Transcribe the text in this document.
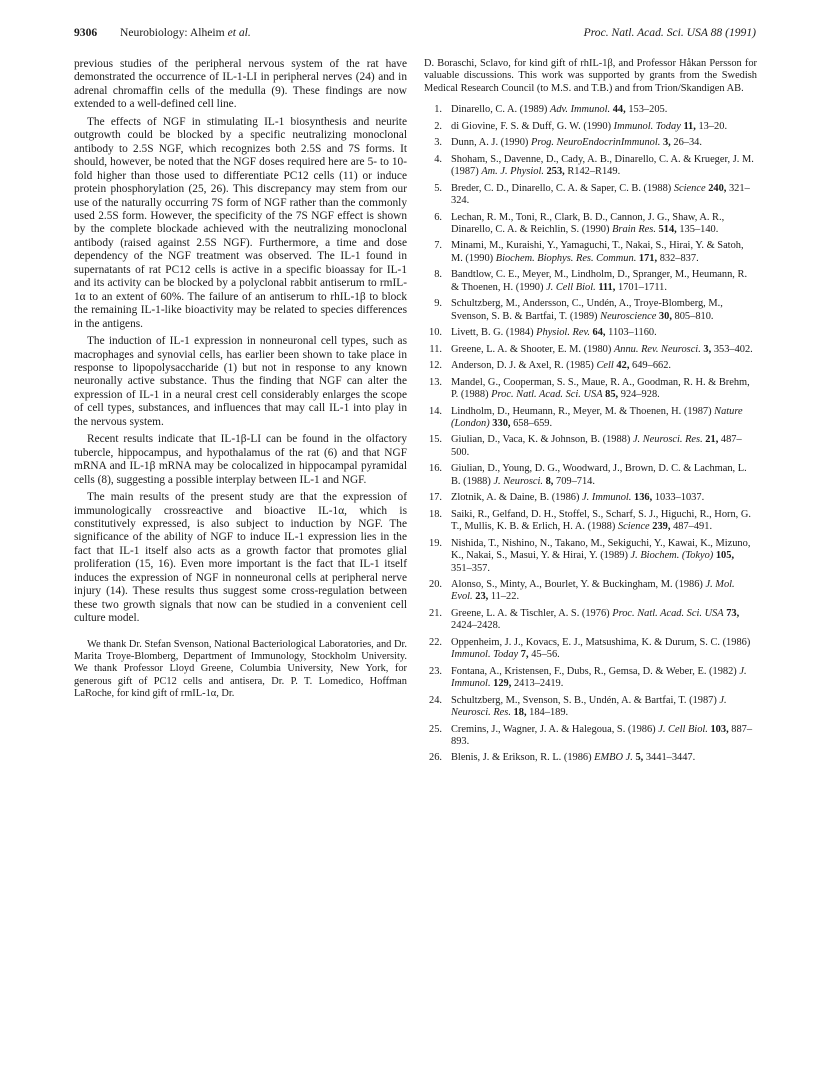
9306 Neurobiology: Alheim et al.	Proc. Natl. Acad. Sci. USA 88 (1991)

previous studies of the peripheral nervous system of the rat have demonstrated the occurrence of IL-1-LI in peripheral nerves (24) and in adrenal chromaffin cells of the medulla (9). These findings are now extended to a well-defined cell line.

The effects of NGF in stimulating IL-1 biosynthesis and neurite outgrowth could be blocked by a specific neutralizing monoclonal antibody to 2.5S NGF, which recognizes both 2.5S and 7S forms. It should, however, be noted that the NGF doses required here are 5- to 10-fold higher than those used to differentiate PC12 cells (11) or induce protein phosphorylation (25, 26). This discrepancy may stem from our use of the naturally occurring 7S form of NGF rather than the commonly used 2.5S form. However, the specificity of the 7S NGF effect is shown by the complete blockade achieved with the neutralizing monoclonal antibody (raised against 2.5S NGF). Furthermore, a time and dose dependency of the NGF treatment was observed. The IL-1 found in supernatants of rat PC12 cells is active in a specific bioassay for IL-1 and its activity can be blocked by a polyclonal rabbit antiserum to rmIL-1α to an extent of 60%. The failure of an antiserum to rhIL-1β to block the remaining IL-1-like bioactivity may be related to species differences in the antigens.

The induction of IL-1 expression in nonneuronal cell types, such as macrophages and synovial cells, has earlier been shown to take place in response to lipopolysaccharide (1) but not in response to any known neuronally active substance. Thus the finding that NGF can alter the expression of IL-1 in a neural crest cell considerably enlarges the scope of cell types, substances, and influences that may call IL-1 into play in the nervous system.

Recent results indicate that IL-1β-LI can be found in the olfactory tubercle, hippocampus, and hypothalamus of the rat (6) and that NGF mRNA and IL-1β mRNA may be colocalized in hippocampal pyramidal cells (8), suggesting a possible interplay between IL-1 and NGF.

The main results of the present study are that the expression of immunologically crossreactive and bioactive IL-1α, which is constitutively expressed, is also subject to induction by NGF. The significance of the ability of NGF to induce IL-1 expression lies in the fact that IL-1 itself also acts as a growth factor that promotes glial proliferation (15, 16). Even more important is the fact that IL-1 itself induces the expression of NGF in nonneuronal cells at peripheral nerve injury (14). These results thus suggest some cross-regulation between these two growth signals that now can be studied in a convenient cell culture model.

We thank Dr. Stefan Svenson, National Bacteriological Laboratories, and Dr. Marita Troye-Blomberg, Department of Immunology, Stockholm University. We thank Professor Lloyd Greene, Columbia University, New York, for generous gift of PC12 cells and antisera, Dr. P. T. Lomedico, Hoffman LaRoche, for kind gift of rmIL-1α, Dr.

D. Boraschi, Sclavo, for kind gift of rhIL-1β, and Professor Håkan Persson for valuable discussions. This work was supported by grants from the Swedish Medical Research Council (to M.S. and T.B.) and from Trion/Skandigen AB.

1. Dinarello, C. A. (1989) Adv. Immunol. 44, 153–205.
2. di Giovine, F. S. & Duff, G. W. (1990) Immunol. Today 11, 13–20.
3. Dunn, A. J. (1990) Prog. NeuroEndocrinImmunol. 3, 26–34.
4. Shoham, S., Davenne, D., Cady, A. B., Dinarello, C. A. & Krueger, J. M. (1987) Am. J. Physiol. 253, R142–R149.
5. Breder, C. D., Dinarello, C. A. & Saper, C. B. (1988) Science 240, 321–324.
6. Lechan, R. M., Toni, R., Clark, B. D., Cannon, J. G., Shaw, A. R., Dinarello, C. A. & Reichlin, S. (1990) Brain Res. 514, 135–140.
7. Minami, M., Kuraishi, Y., Yamaguchi, T., Nakai, S., Hirai, Y. & Satoh, M. (1990) Biochem. Biophys. Res. Commun. 171, 832–837.
8. Bandtlow, C. E., Meyer, M., Lindholm, D., Spranger, M., Heumann, R. & Thoenen, H. (1990) J. Cell Biol. 111, 1701–1711.
9. Schultzberg, M., Andersson, C., Undén, A., Troye-Blomberg, M., Svenson, S. B. & Bartfai, T. (1989) Neuroscience 30, 805–810.
10. Livett, B. G. (1984) Physiol. Rev. 64, 1103–1160.
11. Greene, L. A. & Shooter, E. M. (1980) Annu. Rev. Neurosci. 3, 353–402.
12. Anderson, D. J. & Axel, R. (1985) Cell 42, 649–662.
13. Mandel, G., Cooperman, S. S., Maue, R. A., Goodman, R. H. & Brehm, P. (1988) Proc. Natl. Acad. Sci. USA 85, 924–928.
14. Lindholm, D., Heumann, R., Meyer, M. & Thoenen, H. (1987) Nature (London) 330, 658–659.
15. Giulian, D., Vaca, K. & Johnson, B. (1988) J. Neurosci. Res. 21, 487–500.
16. Giulian, D., Young, D. G., Woodward, J., Brown, D. C. & Lachman, L. B. (1988) J. Neurosci. 8, 709–714.
17. Zlotnik, A. & Daine, B. (1986) J. Immunol. 136, 1033–1037.
18. Saiki, R., Gelfand, D. H., Stoffel, S., Scharf, S. J., Higuchi, R., Horn, G. T., Mullis, K. B. & Erlich, H. A. (1988) Science 239, 487–491.
19. Nishida, T., Nishino, N., Takano, M., Sekiguchi, Y., Kawai, K., Mizuno, K., Nakai, S., Masui, Y. & Hirai, Y. (1989) J. Biochem. (Tokyo) 105, 351–357.
20. Alonso, S., Minty, A., Bourlet, Y. & Buckingham, M. (1986) J. Mol. Evol. 23, 11–22.
21. Greene, L. A. & Tischler, A. S. (1976) Proc. Natl. Acad. Sci. USA 73, 2424–2428.
22. Oppenheim, J. J., Kovacs, E. J., Matsushima, K. & Durum, S. C. (1986) Immunol. Today 7, 45–56.
23. Fontana, A., Kristensen, F., Dubs, R., Gemsa, D. & Weber, E. (1982) J. Immunol. 129, 2413–2419.
24. Schultzberg, M., Svenson, S. B., Undén, A. & Bartfai, T. (1987) J. Neurosci. Res. 18, 184–189.
25. Cremins, J., Wagner, J. A. & Halegoua, S. (1986) J. Cell Biol. 103, 887–893.
26. Blenis, J. & Erikson, R. L. (1986) EMBO J. 5, 3441–3447.
